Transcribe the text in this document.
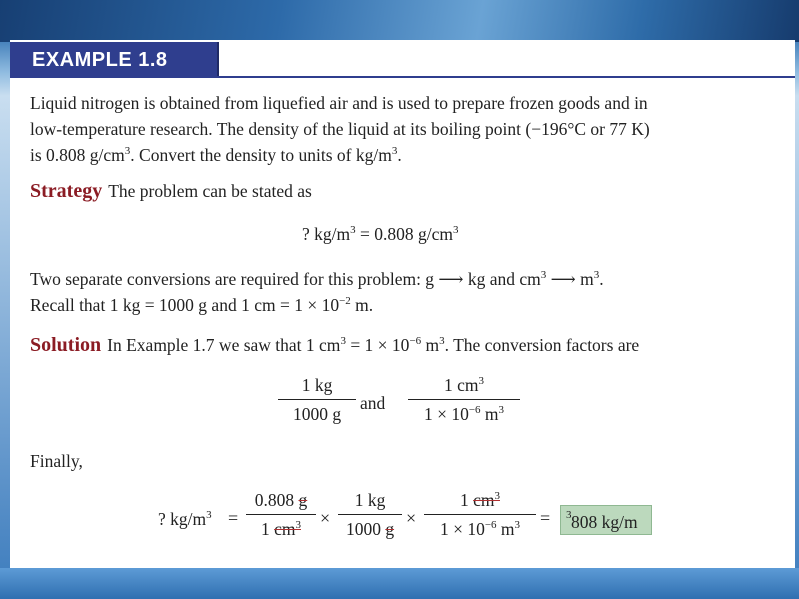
EXAMPLE 1.8
Liquid nitrogen is obtained from liquefied air and is used to prepare frozen goods and in
low-temperature research. The density of the liquid at its boiling point (−196°C or 77 K)
is 0.808 $g/cm^3$. Convert the density to units of $kg/m^3$.
Strategy The problem can be stated as
? $kg/m^3 = 0.808$ $g/cm^3$
Two separate conversions are required for this problem: g ⟶ kg and $cm^3$ ⟶ $m^3$.
Recall that 1 kg = 1000 g and 1 cm = $1 \times 10^{-2}$ m.
Solution In Example 1.7 we saw that 1 $cm^3 = 1 \times 10^{-6}$ $m^3$. The conversion factors are
1 kg
1000 g
and
1 $cm^3$
$1 \times 10^{-6}$ $m^3$
Finally,
? $kg/m^3$ =
0.808 g
1 $cm^3$	×
1 kg
1000 g
×
1 $cm^3$
$1 \times 10^{-6}$ $m^3$	= 808 kg/m
$^3$
